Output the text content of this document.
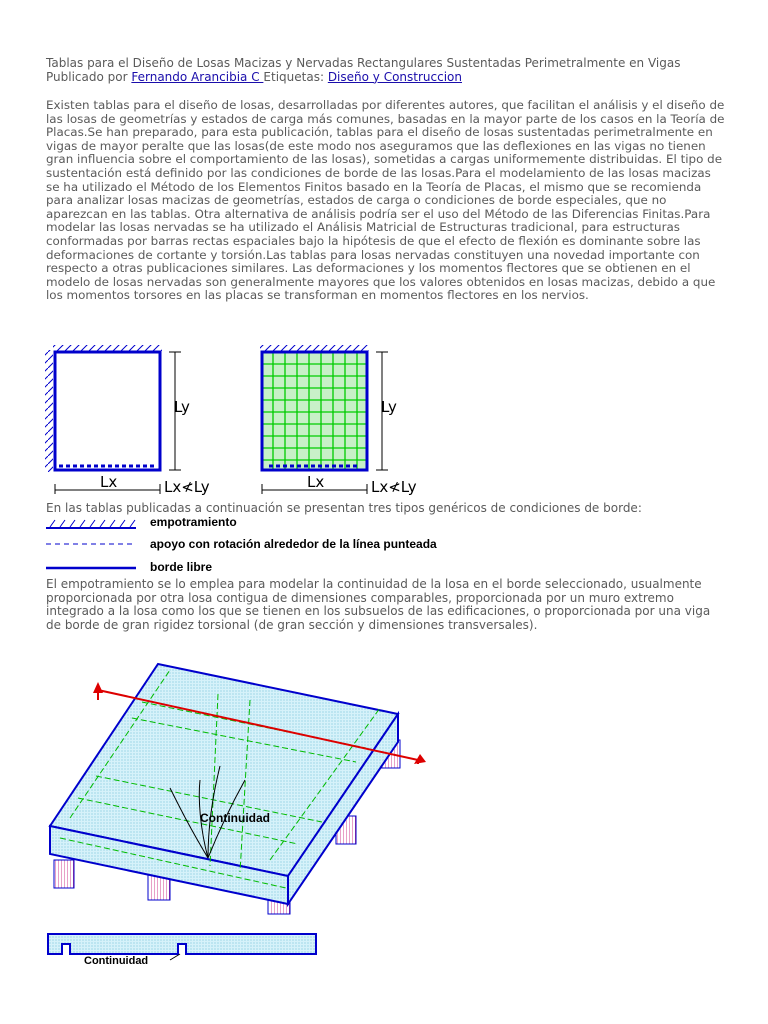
Tablas para el Diseño de Losas Macizas y Nervadas Rectangulares Sustentadas Perimetralmente en Vigas
Publicado por Fernando Arancibia C Etiquetas: Diseño y Construccion
Existen tablas para el diseño de losas, desarrolladas por diferentes autores, que facilitan el análisis y el diseño de las losas de geometrías y estados de carga más comunes, basadas en la mayor parte de los casos en la Teoría de Placas.Se han preparado, para esta publicación, tablas para el diseño de losas sustentadas perimetralmente en vigas de mayor peralte que las losas(de este modo nos aseguramos que las deflexiones en las vigas no tienen gran influencia sobre el comportamiento de las losas), sometidas a cargas uniformemente distribuidas. El tipo de sustentación está definido por las condiciones de borde de las losas.Para el modelamiento de las losas macizas se ha utilizado el Método de los Elementos Finitos basado en la Teoría de Placas, el mismo que se recomienda para analizar losas macizas de geometrías, estados de carga o condiciones de borde especiales, que no aparezcan en las tablas. Otra alternativa de análisis podría ser el uso del Método de las Diferencias Finitas.Para modelar las losas nervadas se ha utilizado el Análisis Matricial de Estructuras tradicional, para estructuras conformadas por barras rectas espaciales bajo la hipótesis de que el efecto de flexión es dominante sobre las deformaciones de cortante y torsión.Las tablas para losas nervadas constituyen una novedad importante con respecto a otras publicaciones similares. Las deformaciones y los momentos flectores que se obtienen en el modelo de losas nervadas son generalmente mayores que los valores obtenidos en losas macizas, debido a que los momentos torsores en las placas se transforman en momentos flectores en los nervios.
Ly
Lx	Lx≮Ly
Ly
Lx	Lx≮Ly
En las tablas publicadas a continuación se presentan tres tipos genéricos de condiciones de borde:
empotramiento
apoyo con rotación alrededor de la línea punteada
borde libre
El empotramiento se lo emplea para modelar la continuidad de la losa en el borde seleccionado, usualmente proporcionada por otra losa contigua de dimensiones comparables, proporcionada por un muro extremo integrado a la losa como los que se tienen en los subsuelos de las edificaciones, o proporcionada por una viga de borde de gran rigidez torsional (de gran sección y dimensiones transversales).
Continuidad
Continuidad
